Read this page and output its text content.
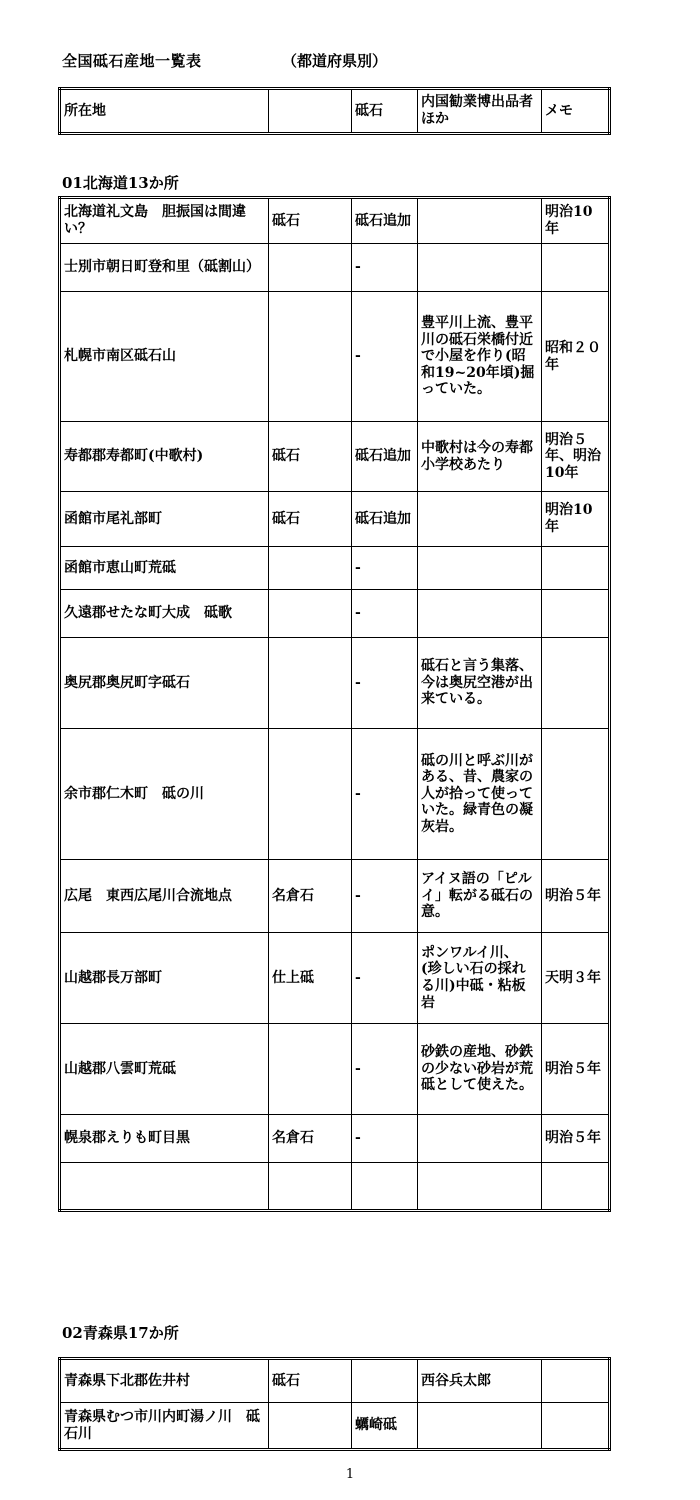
全国砥石産地一覧表	（都道府県別）
所在地		砥石	内国勧業博出品者ほか	メモ
01北海道13か所
北海道礼文島　胆振国は間違い？	砥石	砥石追加		明治10年
士別市朝日町登和里（砥割山）		-		
札幌市南区砥石山		-	豊平川上流、豊平川の砥石栄橋付近で小屋を作り(昭和19~20年頃)掘っていた。	昭和２０年
寿都郡寿都町(中歌村)	砥石	砥石追加	中歌村は今の寿都小学校あたり	明治５年、明治10年
函館市尾礼部町	砥石	砥石追加		明治10年
函館市恵山町荒砥		-		
久遠郡せたな町大成　砥歌		-		
奥尻郡奥尻町字砥石		-	砥石と言う集落、今は奥尻空港が出来ている。	
余市郡仁木町　砥の川		-	砥の川と呼ぶ川がある、昔、農家の人が拾って使っていた。緑青色の凝灰岩。	
広尾　東西広尾川合流地点	名倉石	-	アイヌ語の「ピルイ」転がる砥石の意。	明治５年
山越郡長万部町	仕上砥	-	ポンワルイ川、(珍しい石の採れる川)中砥・粘板岩	天明３年
山越郡八雲町荒砥		-	砂鉄の産地、砂鉄の少ない砂岩が荒砥として使えた。	明治５年
幌泉郡えりも町目黒	名倉石	-		明治５年

02青森県17か所
青森県下北郡佐井村	砥石		西谷兵太郎	
青森県むつ市川内町湯ノ川　砥石川		蠣崎砥		
1
